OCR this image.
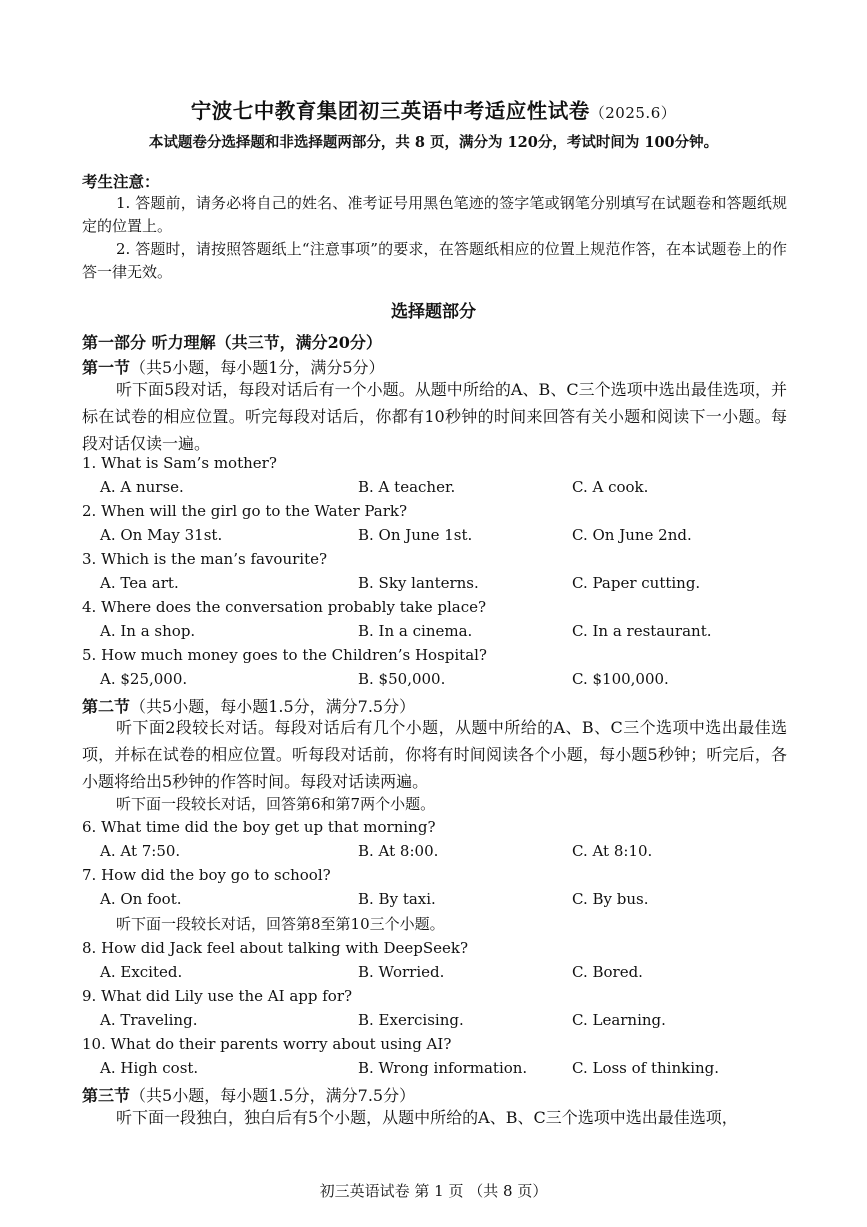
宁波七中教育集团初三英语中考适应性试卷（2025.6）
本试题卷分选择题和非选择题两部分，共 8 页，满分为 120分，考试时间为 100分钟。
考生注意：
1. 答题前，请务必将自己的姓名、准考证号用黑色笔迹的签字笔或钢笔分别填写在试题卷和答题纸规定的位置上。
2. 答题时，请按照答题纸上“注意事项”的要求，在答题纸相应的位置上规范作答，在本试题卷上的作答一律无效。
选择题部分
第一部分 听力理解（共三节，满分20分）
第一节（共5小题，每小题1分，满分5分）
听下面5段对话，每段对话后有一个小题。从题中所给的A、B、C三个选项中选出最佳选项，并标在试卷的相应位置。听完每段对话后，你都有10秒钟的时间来回答有关小题和阅读下一小题。每段对话仅读一遍。
1. What is Sam’s mother?
A. A nurse.	B. A teacher.	C. A cook.
2. When will the girl go to the Water Park?
A. On May 31st.	B. On June 1st.	C. On June 2nd.
3. Which is the man’s favourite?
A. Tea art.	B. Sky lanterns.	C. Paper cutting.
4. Where does the conversation probably take place?
A. In a shop.	B. In a cinema.	C. In a restaurant.
5. How much money goes to the Children’s Hospital?
A. $25,000.	B. $50,000.	C. $100,000.
第二节（共5小题，每小题1.5分，满分7.5分）
听下面2段较长对话。每段对话后有几个小题，从题中所给的A、B、C三个选项中选出最佳选项，并标在试卷的相应位置。听每段对话前，你将有时间阅读各个小题，每小题5秒钟；听完后，各小题将给出5秒钟的作答时间。每段对话读两遍。
听下面一段较长对话，回答第6和第7两个小题。
6. What time did the boy get up that morning?
A. At 7:50.	B. At 8:00.	C. At 8:10.
7. How did the boy go to school?
A. On foot.	B. By taxi.	C. By bus.
听下面一段较长对话，回答第8至第10三个小题。
8. How did Jack feel about talking with DeepSeek?
A. Excited.	B. Worried.	C. Bored.
9. What did Lily use the AI app for?
A. Traveling.	B. Exercising.	C. Learning.
10. What do their parents worry about using AI?
A. High cost.	B. Wrong information.	C. Loss of thinking.
第三节（共5小题，每小题1.5分，满分7.5分）
听下面一段独白，独白后有5个小题，从题中所给的A、B、C三个选项中选出最佳选项，
初三英语试卷 第 1 页 （共 8 页）
